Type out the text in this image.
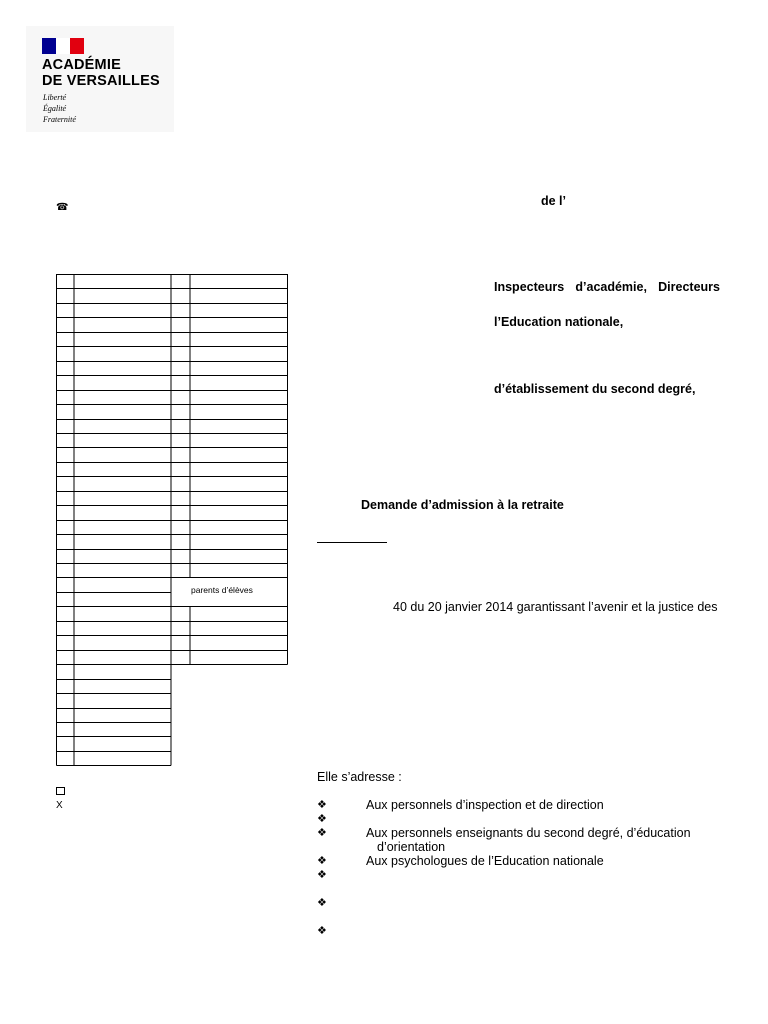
ACADÉMIE
DE VERSAILLES
Liberté
Égalité
Fraternité
☎	de l’
parents d’élèves
Inspecteurs d’académie, Directeurs
l’Education nationale,
d’établissement du second degré,
Demande d’admission à la retraite
40 du 20 janvier 2014 garantissant l’avenir et la justice des
Elle s’adresse :
❖	Aux personnels d’inspection et de direction
❖
❖	Aux personnels enseignants du second degré, d’éducation
d’orientation
❖	Aux psychologues de l’Education nationale
❖
❖
❖
X
